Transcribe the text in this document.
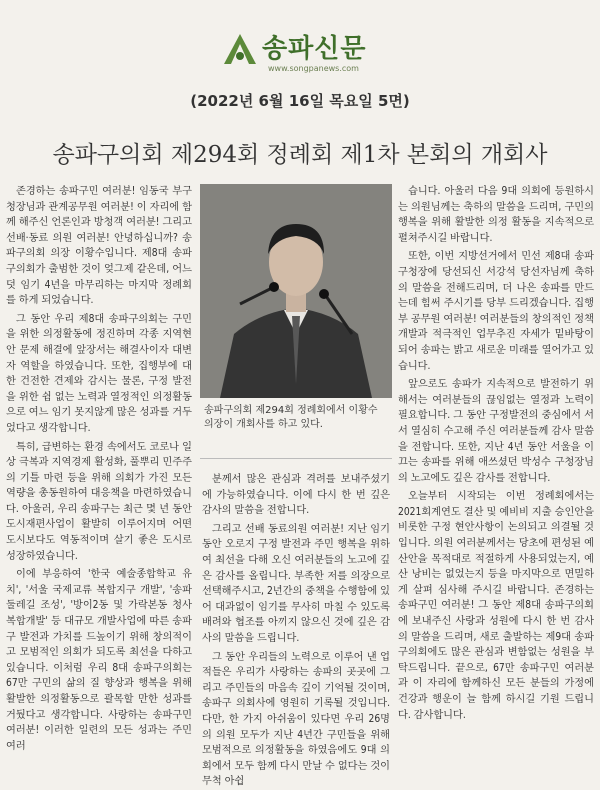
송파신문
www.songpanews.com
(2022년 6월 16일 목요일 5면)
송파구의회 제294회 정례회 제1차 본회의 개회사

존경하는 송파구민 여러분! 임동국 부구청장님과 관계공무원 여러분! 이 자리에 함께 해주신 언론인과 방청객 여러분! 그리고 선배·동료 의원 여러분! 안녕하십니까? 송파구의회 의장 이황수입니다. 제8대 송파구의회가 출범한 것이 엊그제 같은데, 어느 덧 임기 4년을 마무리하는 마지막 정례회를 하게 되었습니다.

그 동안 우리 제8대 송파구의회는 구민을 위한 의정활동에 정진하며 각종 지역현안 문제 해결에 앞장서는 해결사이자 대변자 역할을 하였습니다. 또한, 집행부에 대한 건전한 견제와 감시는 물론, 구정 발전을 위한 쉼 없는 노력과 열정적인 의정활동으로 여느 임기 못지않게 많은 성과를 거두었다고 생각합니다.

특히, 급변하는 환경 속에서도 코로나 일상 극복과 지역경제 활성화, 풀뿌리 민주주의 기틀 마련 등을 위해 의회가 가진 모든 역량을 총동원하여 대응책을 마련하였습니다. 아울러, 우리 송파구는 최근 몇 년 동안 도시재편사업이 활발히 이루어지며 어떤 도시보다도 역동적이며 살기 좋은 도시로 성장하였습니다.

이에 부응하여 '한국 예술종합학교 유치', '서울 국제교류 복합지구 개발', '송파둘레길 조성', '방이2동 및 가락본동 청사 복합개발' 등 대규모 개발사업에 따른 송파구 발전과 가치를 드높이기 위해 창의적이고 모범적인 의회가 되도록 최선을 다하고 있습니다. 이처럼 우리 8대 송파구의회는 67만 구민의 삶의 질 향상과 행복을 위해 활발한 의정활동으로 괄목할 만한 성과를 거뒀다고 생각합니다. 사랑하는 송파구민 여러분! 이러한 일련의 모든 성과는 주민 여러

송파구의회 제294회 정례회에서 이황수 의장이 개회사를 하고 있다.

분께서 많은 관심과 격려를 보내주셨기에 가능하였습니다. 이에 다시 한 번 깊은 감사의 말씀을 전합니다.

그리고 선배 동료의원 여러분! 지난 임기동안 오로지 구정 발전과 주민 행복을 위하여 최선을 다해 오신 여러분들의 노고에 깊은 감사를 올립니다. 부족한 저를 의장으로 선택해주시고, 2년간의 중책을 수행함에 있어 대과없이 임기를 무사히 마칠 수 있도록 배려와 협조를 아끼지 않으신 것에 깊은 감사의 말씀을 드립니다.

그 동안 우리들의 노력으로 이루어 낸 업적들은 우리가 사랑하는 송파의 곳곳에 그리고 주민들의 마음속 깊이 기억될 것이며, 송파구 의회사에 영원히 기록될 것입니다. 다만, 한 가지 아쉬움이 있다면 우리 26명의 의원 모두가 지난 4년간 구민들을 위해 모범적으로 의정활동을 하였음에도 9대 의회에서 모두 함께 다시 만날 수 없다는 것이 무척 아쉽

습니다. 아울러 다음 9대 의회에 등원하시는 의원님께는 축하의 말씀을 드리며, 구민의 행복을 위해 활발한 의정 활동을 지속적으로 펼쳐주시길 바랍니다.

또한, 이번 지방선거에서 민선 제8대 송파구청장에 당선되신 서강석 당선자님께 축하의 말씀을 전해드리며, 더 나은 송파를 만드는데 힘써 주시기를 당부 드리겠습니다. 집행부 공무원 여러분! 여러분들의 창의적인 정책개발과 적극적인 업무추진 자세가 밑바탕이 되어 송파는 밝고 새로운 미래를 열어가고 있습니다.

앞으로도 송파가 지속적으로 발전하기 위해서는 여러분들의 끊임없는 열정과 노력이 필요합니다. 그 동안 구정발전의 중심에서 서서 열심히 수고해 주신 여러분들께 감사 말씀을 전합니다. 또한, 지난 4년 동안 서울을 이끄는 송파를 위해 애쓰셨던 박성수 구청장님의 노고에도 깊은 감사를 전합니다.

오늘부터 시작되는 이번 정례회에서는 2021회계연도 결산 및 예비비 지출 승인안을 비롯한 구정 현안사항이 논의되고 의결될 것입니다. 의원 여러분께서는 당초에 편성된 예산안을 목적대로 적절하게 사용되었는지, 예산 낭비는 없었는지 등을 마지막으로 면밀하게 살펴 심사해 주시길 바랍니다. 존경하는 송파구민 여러분! 그 동안 제8대 송파구의회에 보내주신 사랑과 성원에 다시 한 번 감사의 말씀을 드리며, 새로 출발하는 제9대 송파구의회에도 많은 관심과 변함없는 성원을 부탁드립니다. 끝으로, 67만 송파구민 여러분과 이 자리에 함께하신 모든 분들의 가정에 건강과 행운이 늘 함께 하시길 기원 드립니다. 감사합니다.
